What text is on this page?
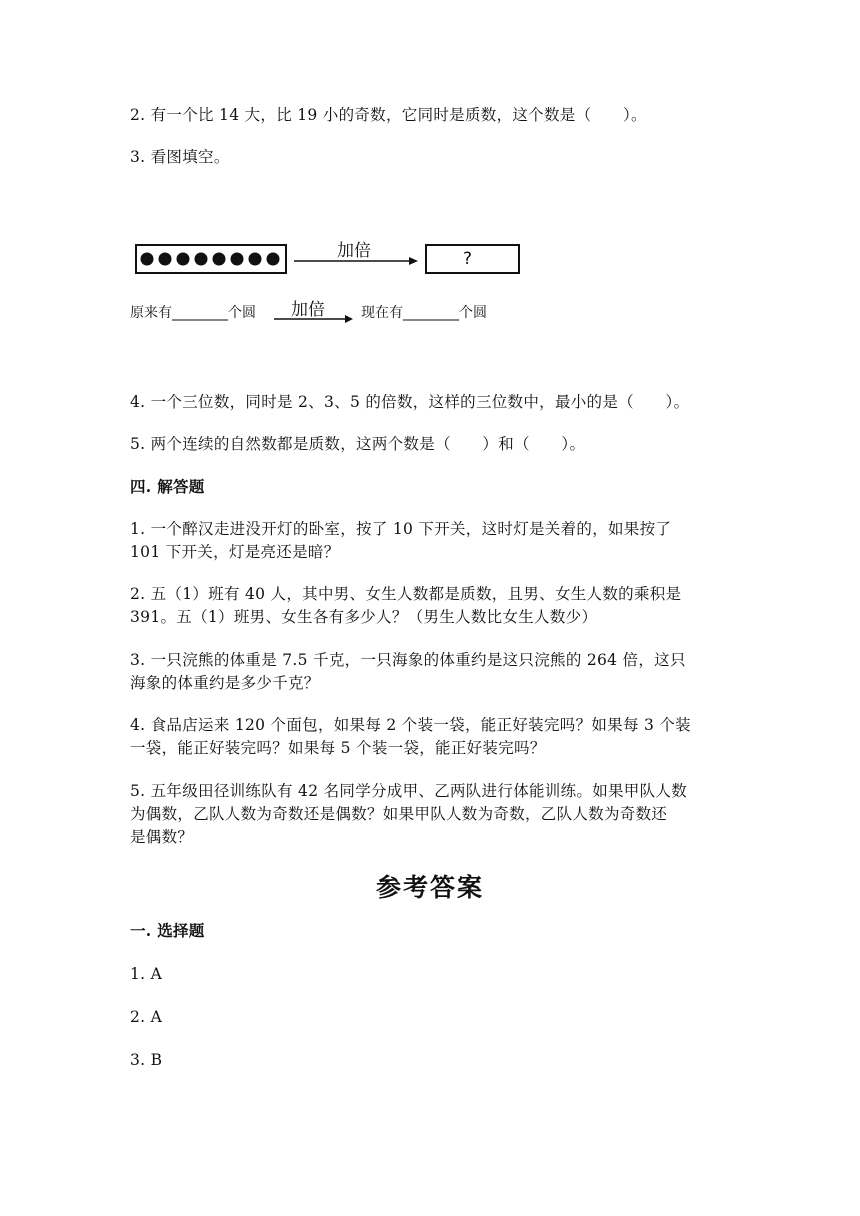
2. 有一个比 14 大，比 19 小的奇数，它同时是质数，这个数是（　　）。
3. 看图填空。
加倍	?
原来有________个圆 加倍	现在有________个圆
4. 一个三位数，同时是 2、3、5 的倍数，这样的三位数中，最小的是（　　）。
5. 两个连续的自然数都是质数，这两个数是（　　）和（　　）。
四. 解答题
1. 一个醉汉走进没开灯的卧室，按了 10 下开关，这时灯是关着的，如果按了
101 下开关，灯是亮还是暗？
2. 五（1）班有 40 人，其中男、女生人数都是质数，且男、女生人数的乘积是
391。五（1）班男、女生各有多少人？（男生人数比女生人数少）
3. 一只浣熊的体重是 7.5 千克，一只海象的体重约是这只浣熊的 264 倍，这只
海象的体重约是多少千克？
4. 食品店运来 120 个面包，如果每 2 个装一袋，能正好装完吗？如果每 3 个装
一袋，能正好装完吗？如果每 5 个装一袋，能正好装完吗？
5. 五年级田径训练队有 42 名同学分成甲、乙两队进行体能训练。如果甲队人数
为偶数，乙队人数为奇数还是偶数？如果甲队人数为奇数，乙队人数为奇数还
是偶数？
参考答案
一. 选择题
1. A
2. A
3. B
